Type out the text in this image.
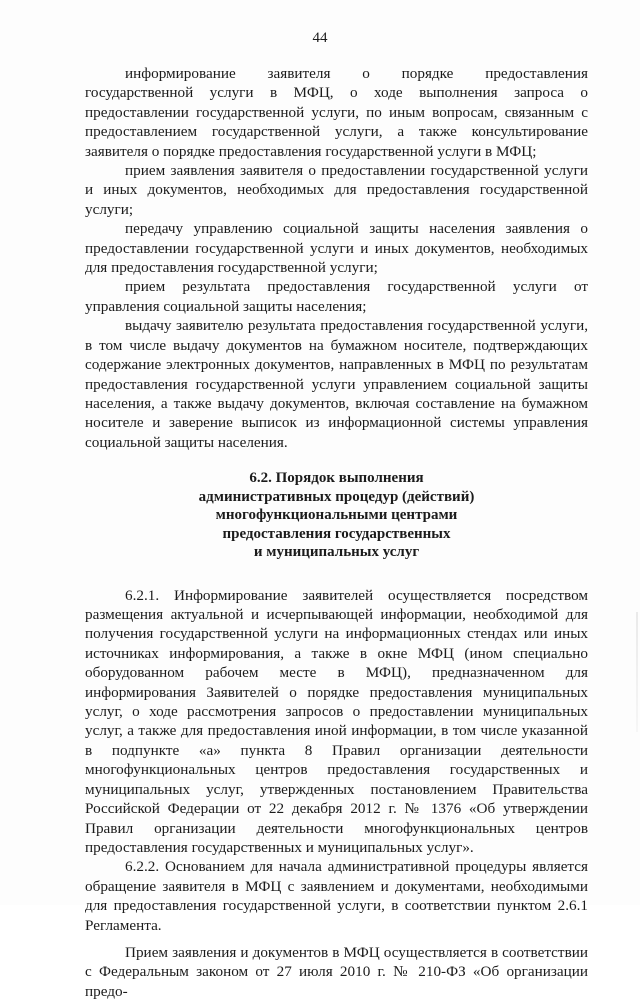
44

информирование заявителя о порядке предоставления государственной услуги в МФЦ, о ходе выполнения запроса о предоставлении государственной услуги, по иным вопросам, связанным с предоставлением государственной услуги, а также консультирование заявителя о порядке предоставления государственной услуги в МФЦ;

прием заявления заявителя о предоставлении государственной услуги и иных документов, необходимых для предоставления государственной услуги;

передачу управлению социальной защиты населения заявления о предоставлении государственной услуги и иных документов, необходимых для предоставления государственной услуги;

прием результата предоставления государственной услуги от управления социальной защиты населения;

выдачу заявителю результата предоставления государственной услуги, в том числе выдачу документов на бумажном носителе, подтверждающих содержание электронных документов, направленных в МФЦ по результатам предоставления государственной услуги управлением социальной защиты населения, а также выдачу документов, включая составление на бумажном носителе и заверение выписок из информационной системы управления социальной защиты населения.

6.2. Порядок выполнения
административных процедур (действий)
многофункциональными центрами
предоставления государственных
и муниципальных услуг

6.2.1. Информирование заявителей осуществляется посредством размещения актуальной и исчерпывающей информации, необходимой для получения государственной услуги на информационных стендах или иных источниках информирования, а также в окне МФЦ (ином специально оборудованном рабочем месте в МФЦ), предназначенном для информирования Заявителей о порядке предоставления муниципальных услуг, о ходе рассмотрения запросов о предоставлении муниципальных услуг, а также для предоставления иной информации, в том числе указанной в подпункте «а» пункта 8 Правил организации деятельности многофункциональных центров предоставления государственных и муниципальных услуг, утвержденных постановлением Правительства Российской Федерации от 22 декабря 2012 г. № 1376 «Об утверждении Правил организации деятельности многофункциональных центров предоставления государственных и муниципальных услуг».

6.2.2. Основанием для начала административной процедуры является обращение заявителя в МФЦ с заявлением и документами, необходимыми для предоставления государственной услуги, в соответствии пунктом 2.6.1 Регламента.

Прием заявления и документов в МФЦ осуществляется в соответствии с Федеральным законом от 27 июля 2010 г. № 210-ФЗ «Об организации предо-
